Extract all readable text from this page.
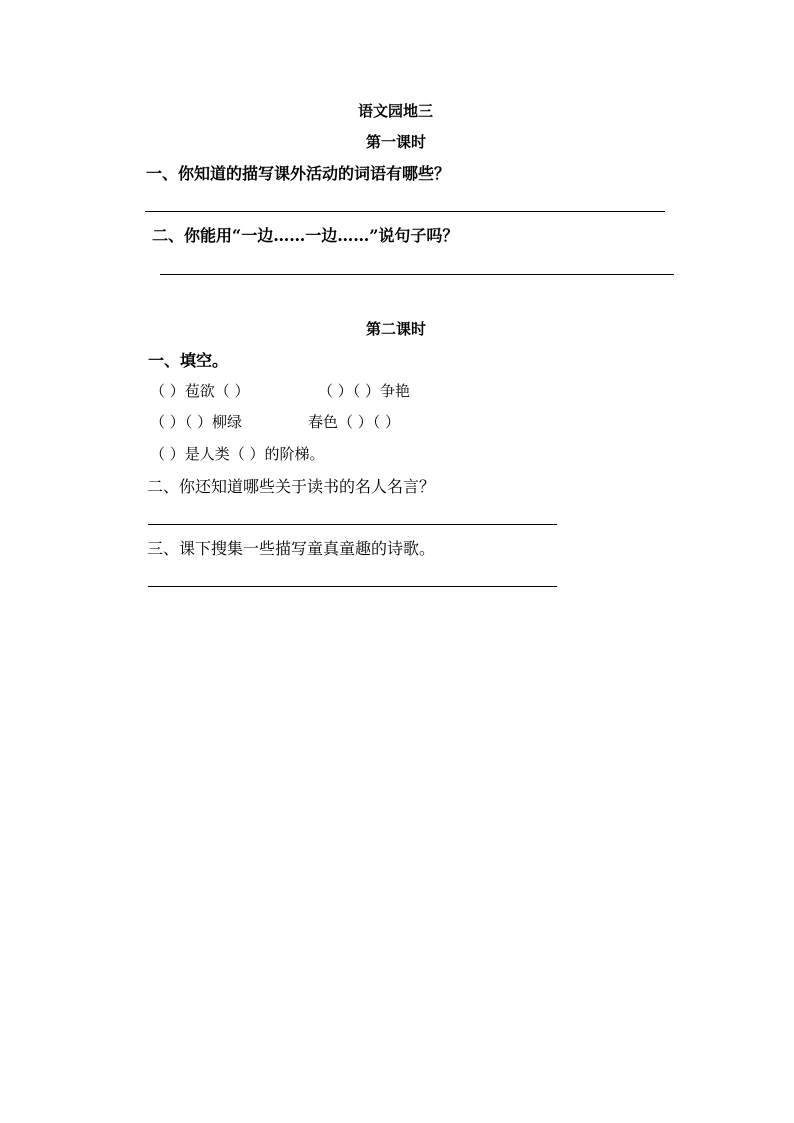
语文园地三
第一课时
一、你知道的描写课外活动的词语有哪些？
二、你能用“一边……一边……”说句子吗？
第二课时
一、填空。
（ ）苞欲（ ）	（ ）（ ）争艳
（ ）（ ）柳绿	春色（ ）（ ）
（ ）是人类（ ）的阶梯。
二、你还知道哪些关于读书的名人名言？
三、课下搜集一些描写童真童趣的诗歌。
